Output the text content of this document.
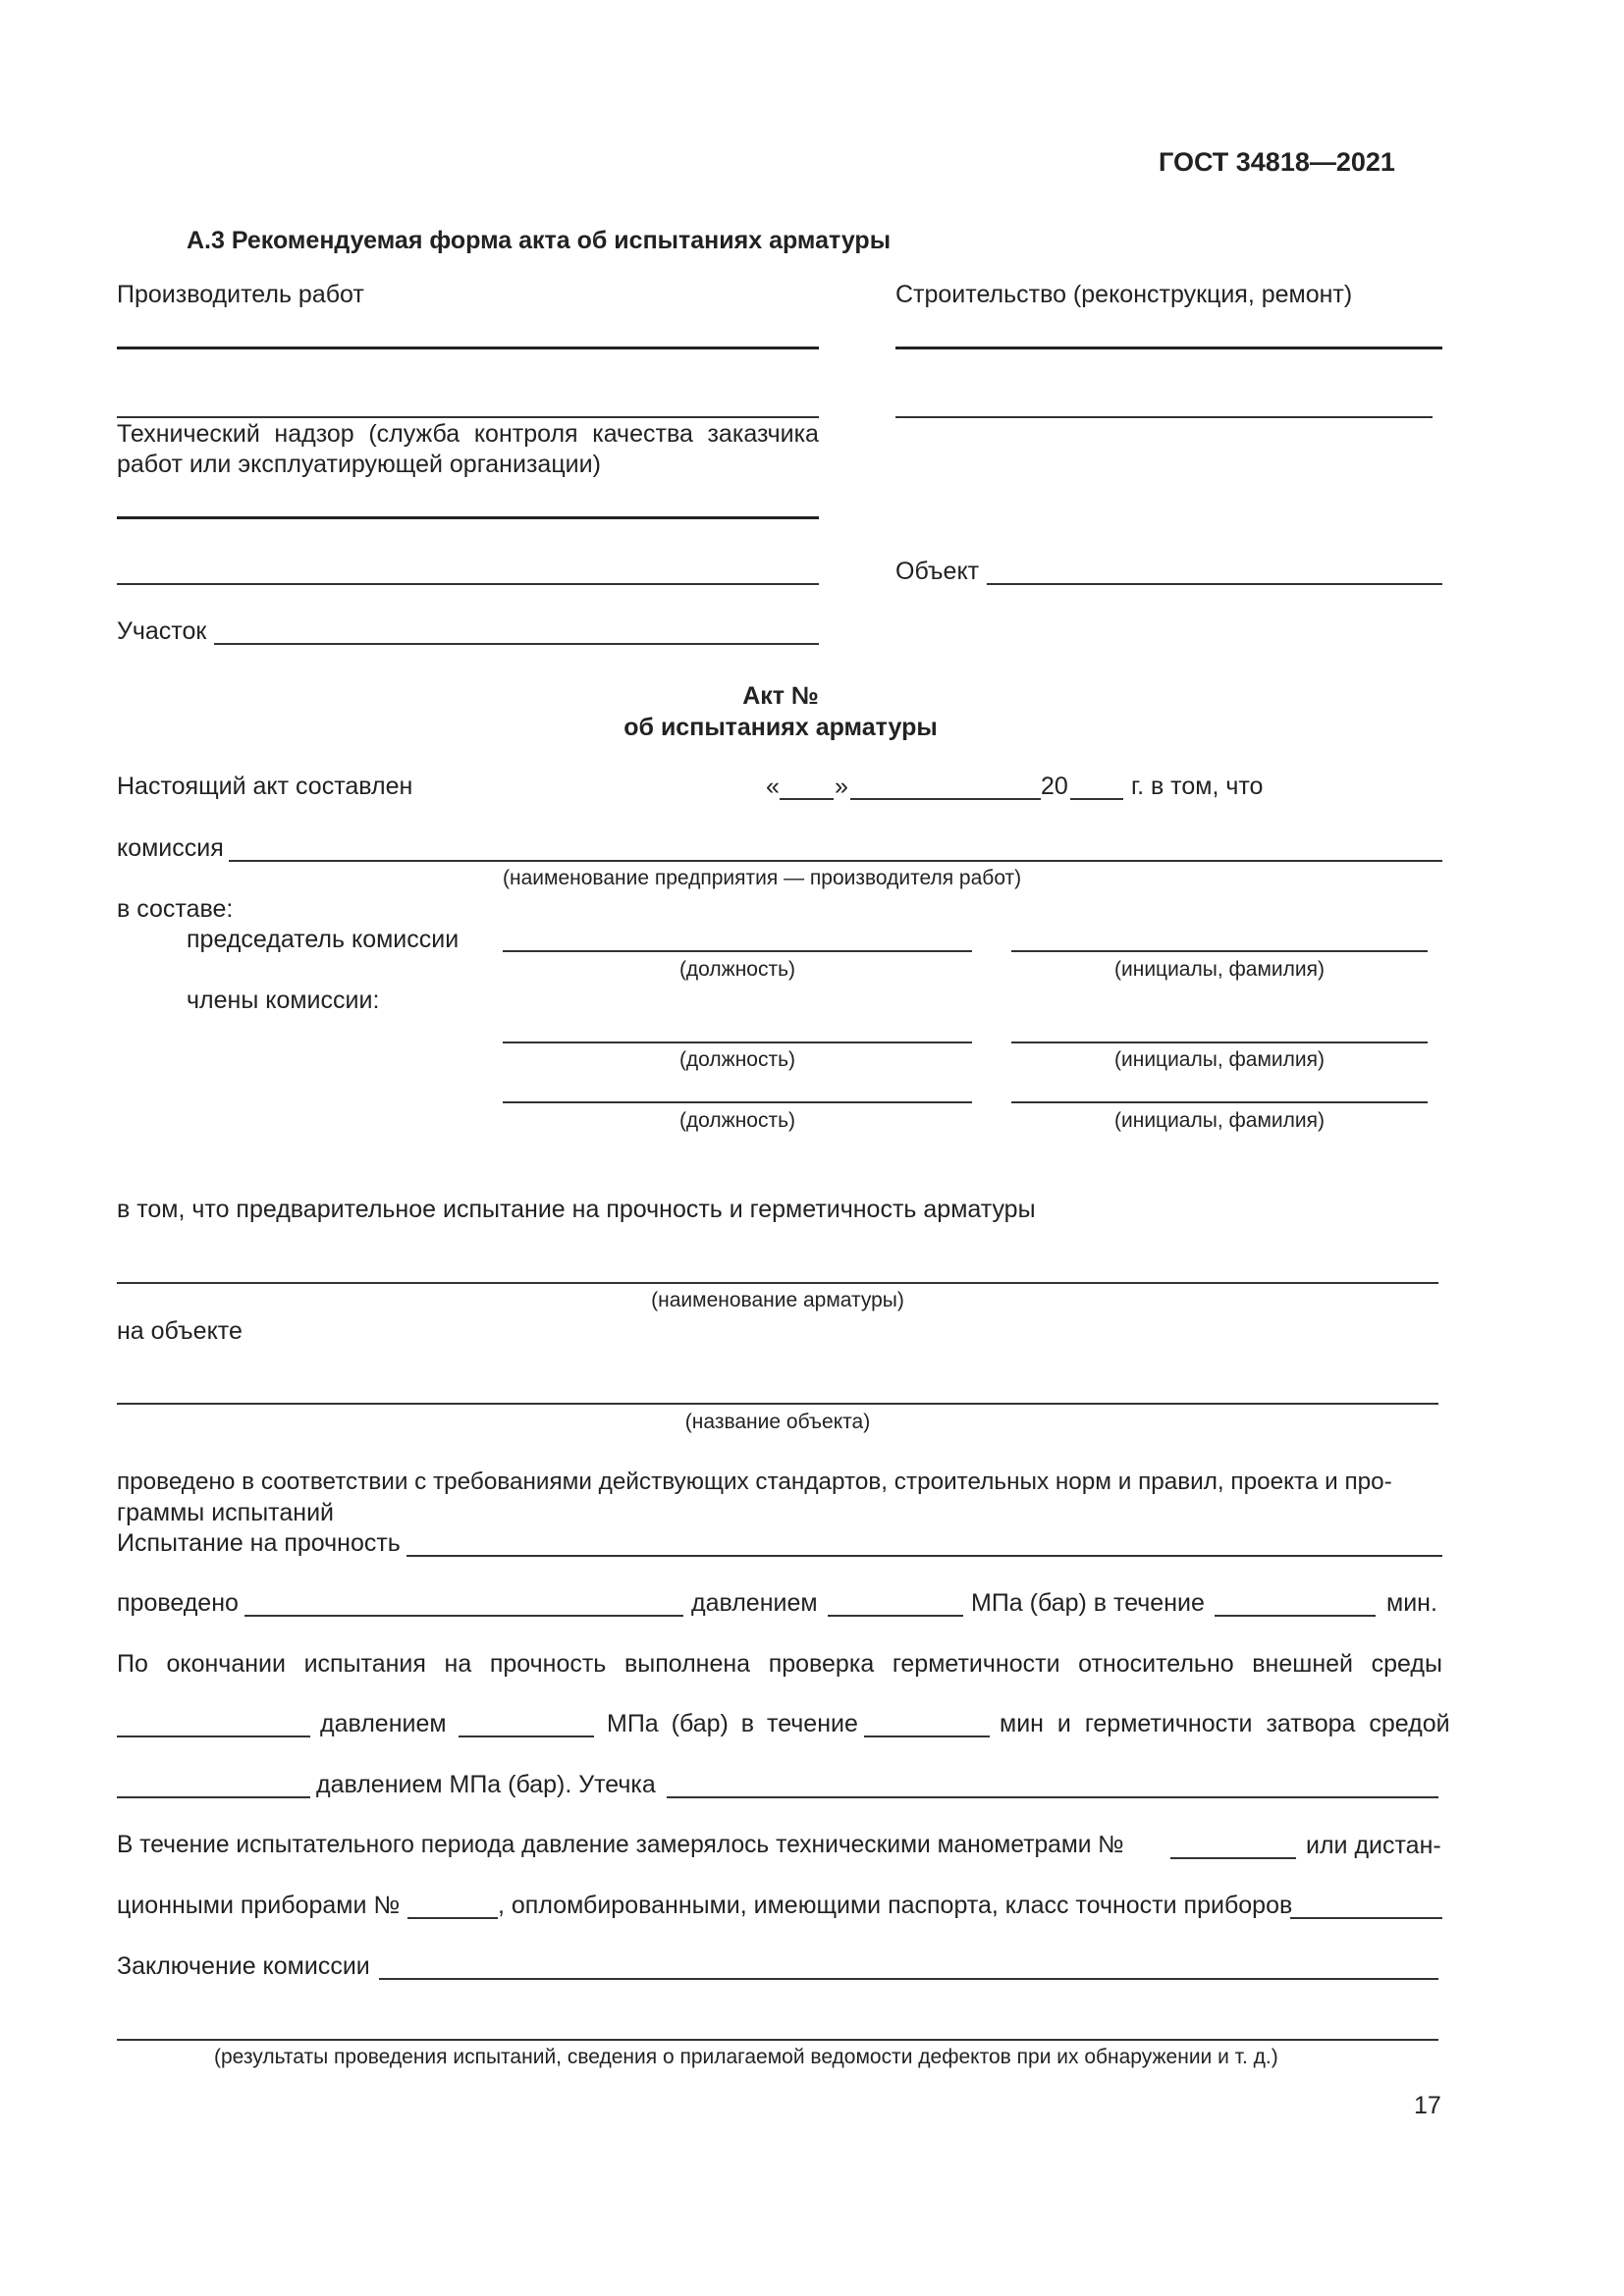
ГОСТ 34818—2021
А.3 Рекомендуемая форма акта об испытаниях арматуры
Производитель работ	Строительство (реконструкция, ремонт)
Технический надзор (служба контроля качества заказчика
работ или эксплуатирующей организации)
Объект
Участок
Акт №
об испытаниях арматуры
Настоящий акт составлен	« »	20	г. в том, что
комиссия
(наименование предприятия — производителя работ)
в составе:
председатель комиссии
(должность)	(инициалы, фамилия)
члены комиссии:
(должность)	(инициалы, фамилия)
(должность)	(инициалы, фамилия)
в том, что предварительное испытание на прочность и герметичность арматуры
(наименование арматуры)
на объекте
(название объекта)
проведено в соответствии с требованиями действующих стандартов, строительных норм и правил, проекта и про-
граммы испытаний
Испытание на прочность
проведено	давлением	МПа (бар) в течение	мин.
По окончании испытания на прочность выполнена проверка герметичности относительно внешней среды
давлением	МПа (бар) в течение	мин и герметичности затвора средой
давлением МПа (бар). Утечка
В течение испытательного периода давление замерялось техническими манометрами №	или дистан-
ционными приборами №	, опломбированными, имеющими паспорта, класс точности приборов
Заключение комиссии
(результаты проведения испытаний, сведения о прилагаемой ведомости дефектов при их обнаружении и т. д.)
17
